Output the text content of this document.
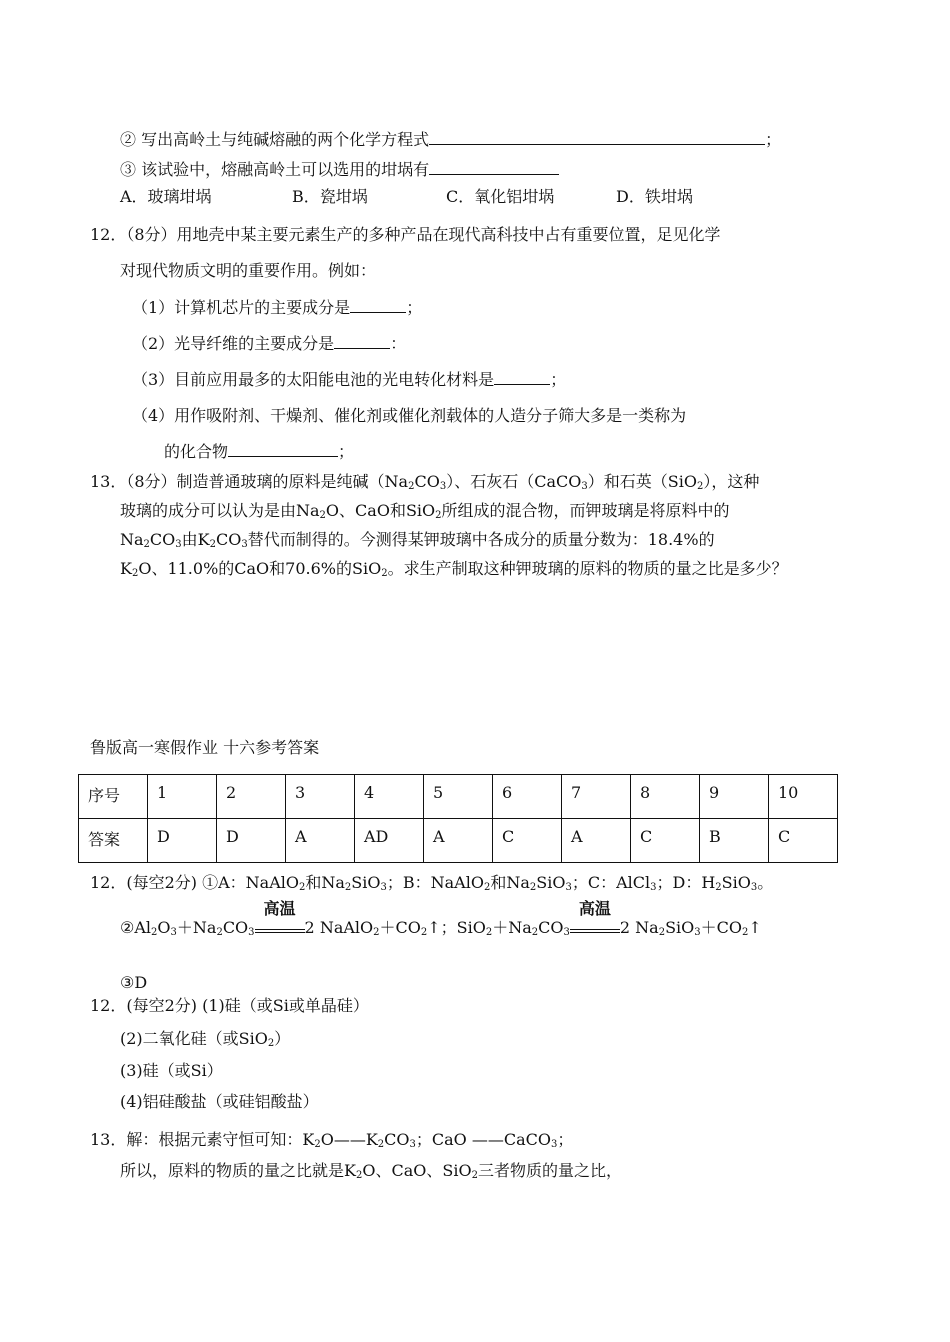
② 写出高岭土与纯碱熔融的两个化学方程式	；
③ 该试验中，熔融高岭土可以选用的坩埚有
A．玻璃坩埚	B．瓷坩埚	C．氧化铝坩埚	D．铁坩埚
12．（8分）用地壳中某主要元素生产的多种产品在现代高科技中占有重要位置，足见化学
对现代物质文明的重要作用。例如：
（1）计算机芯片的主要成分是	；
（2）光导纤维的主要成分是	：
（3）目前应用最多的太阳能电池的光电转化材料是	；
（4）用作吸附剂、干燥剂、催化剂或催化剂载体的人造分子筛大多是一类称为
的化合物	；
13．（8分）制造普通玻璃的原料是纯碱$(Na_2CO_3)$、石灰石（CaCO$_3$）和石英（SiO$_2$），这种
玻璃的成分可以认为是由$Na_2O$、CaO和SiO$_2$所组成的混合物，而钾玻璃是将原料中的
$Na_2CO_3$由$K_2CO_3$替代而制得的。今测得某钾玻璃中各成分的质量分数为：18.4%的
$K_2O$、11.0%的CaO和70.6%的SiO$_2$。求生产制取这种钾玻璃的原料的物质的量之比是多少？
鲁版高一寒假作业 十六参考答案
序号	1	2	3	4	5	6	7	8	9	10
答案	D	D	A	AD	A	C	A	C	B	C
12．(每空2分) ①A：NaAlO$_2$和$Na_2SiO_3$；B：NaAlO$_2$和$Na_2SiO_3$；C：AlCl$_3$；D：$H_2SiO_3$。
$②Al_2O_3+Na_2CO_3$
高温
2 $NaAlO_2+CO_2↑$；$SiO_2+Na_2CO_3$
高温
2 $Na_2SiO_3+CO_2↑$
③D
12．(每空2分) (1)硅（或Si或单晶硅）
(2)二氧化硅（或SiO$_2$）
(3)硅（或Si）
(4)铝硅酸盐（或硅铝酸盐）
13．解：根据元素守恒可知：$K_2O——K_2CO_3$；CaO ——CaCO$_3$；
所以，原料的物质的量之比就是$K_2O$、CaO、SiO$_2$三者物质的量之比，
